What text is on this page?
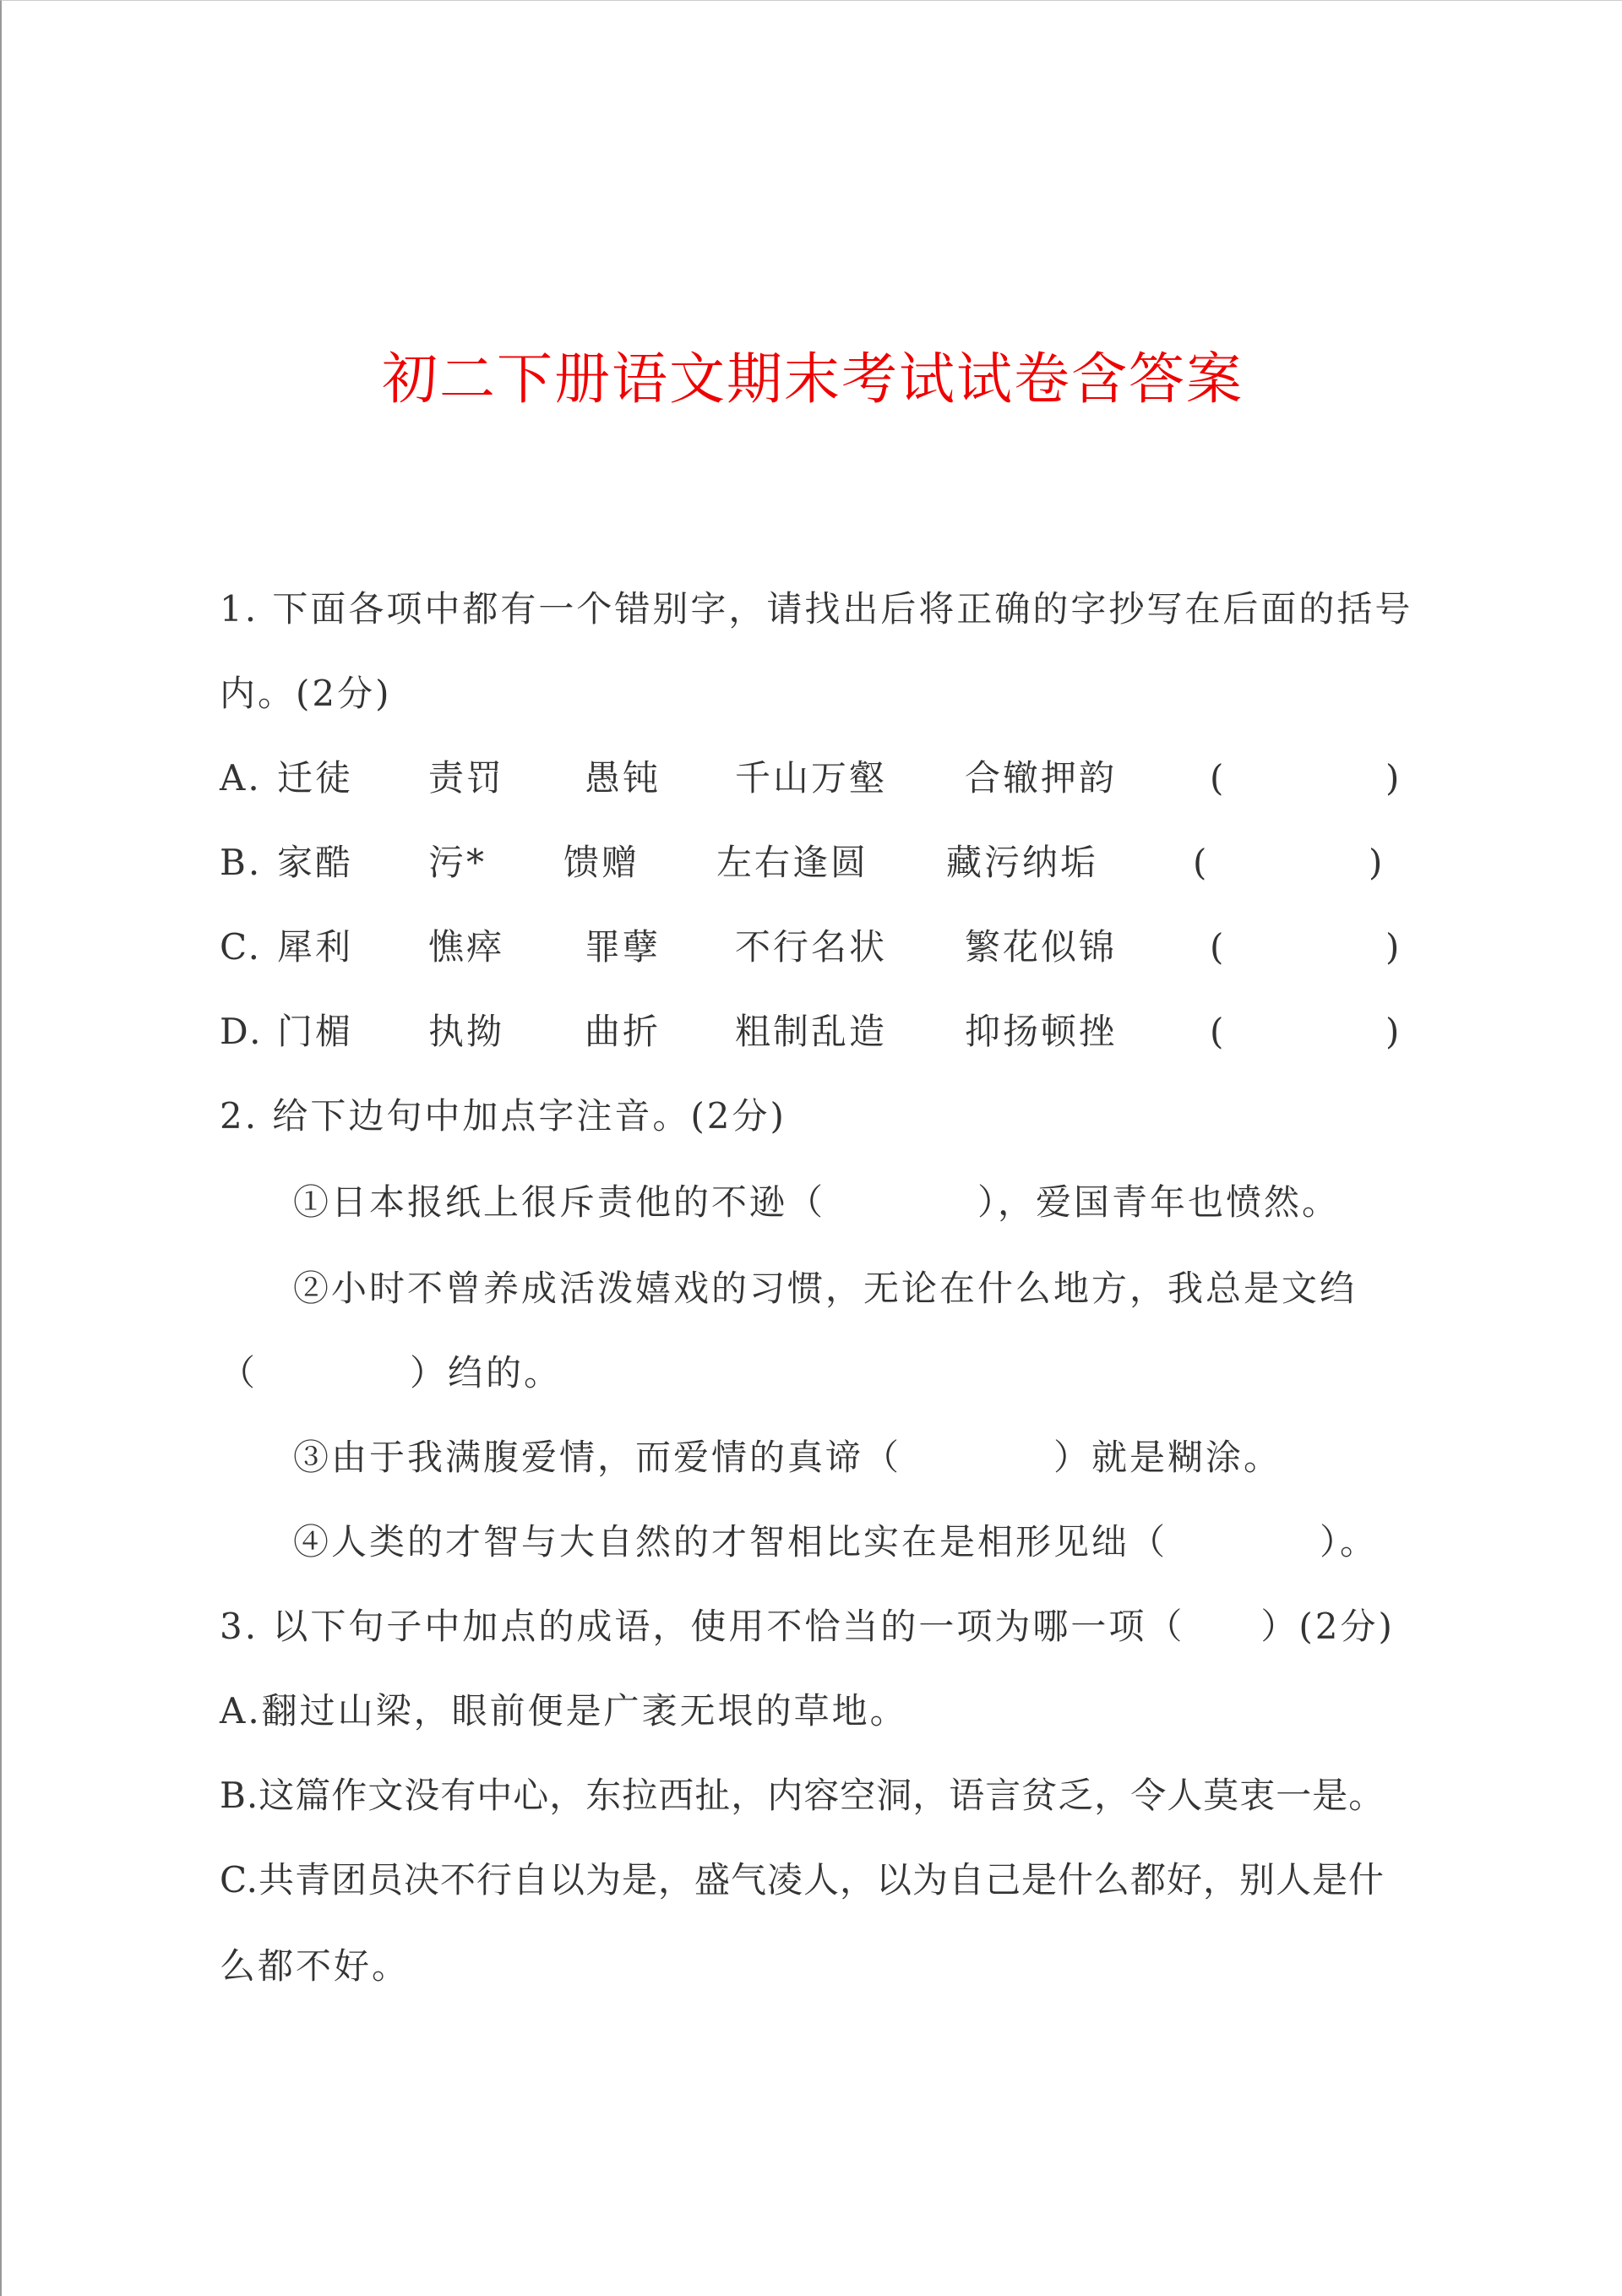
初二下册语文期末考试试卷含答案
1. 下面各项中都有一个错别字，请找出后将正确的字抄写在后面的括号
内。(2分)
A. 迁徒 责罚 愚钝 千山万壑 合辙押韵	(	)
B. 家酷 污* 馈赠 左右逢圆 藏污纳垢	(	)
C. 犀利 憔瘁 罪孽 不行名状 繁花似锦	(	)
D. 门楣 执拗 曲折 粗制乱造 抑扬顿挫	(	)
2. 给下边句中加点字注音。(2分)
①日本报纸上很斥责他的不逊（　　　　），爱国青年也愤然。
②小时不曾养成活泼嬉戏的习惯，无论在什么地方，我总是文绉
（　　　　）绉的。
③由于我满腹爱情，而爱情的真谛（　　　　）就是糊涂。
④人类的才智与大自然的才智相比实在是相形见绌（　　　　）。
3. 以下句子中加点的成语，使用不恰当的一项为哪一项（　　）(2分)
A.翻过山梁，眼前便是广袤无垠的草地。
B.这篇作文没有中心，东拉西扯，内容空洞，语言贫乏，令人莫衷一是。
C.共青团员决不行自以为是，盛气凌人，以为自己是什么都好，别人是什
么都不好。
